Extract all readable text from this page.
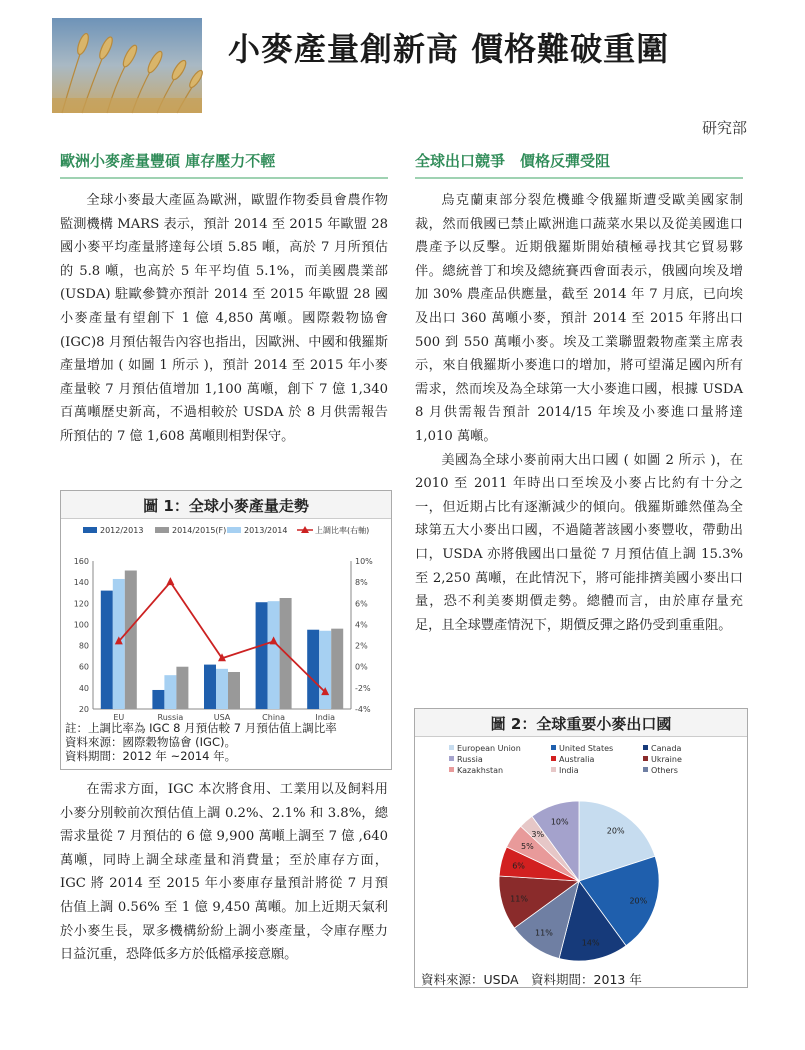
小麥產量創新高 價格難破重圍
研究部
歐洲小麥產量豐碩 庫存壓力不輕

全球小麥最大產區為歐洲，歐盟作物委員會農作物監測機構 MARS 表示，預計 2014 至 2015 年歐盟 28 國小麥平均產量將達每公頃 5.85 噸，高於 7 月所預估的 5.8 噸，也高於 5 年平均值 5.1%，而美國農業部 (USDA) 駐歐參贊亦預計 2014 至 2015 年歐盟 28 國小麥產量有望創下 1 億 4,850 萬噸。國際穀物協會 (IGC)8 月預估報告內容也指出，因歐洲、中國和俄羅斯產量增加 ( 如圖 1 所示 )，預計 2014 至 2015 年小麥產量較 7 月預估值增加 1,100 萬噸，創下 7 億 1,340 百萬噸歷史新高，不過相較於 USDA 於 8 月供需報告所預估的 7 億 1,608 萬噸則相對保守。

在需求方面，IGC 本次將食用、工業用以及飼料用小麥分別較前次預估值上調 0.2%、2.1% 和 3.8%，總需求量從 7 月預估的 6 億 9,900 萬噸上調至 7 億 ,640 萬噸，同時上調全球產量和消費量；至於庫存方面，IGC 將 2014 至 2015 年小麥庫存量預計將從 7 月預估值上調 0.56% 至 1 億 9,450 萬噸。加上近期天氣利於小麥生長，眾多機構紛紛上調小麥產量，令庫存壓力日益沉重，恐降低多方於低檔承接意願。

全球出口競爭　價格反彈受阻

烏克蘭東部分裂危機雖令俄羅斯遭受歐美國家制裁，然而俄國已禁止歐洲進口蔬菜水果以及從美國進口農產予以反擊。近期俄羅斯開始積極尋找其它貿易夥伴。總統普丁和埃及總統賽西會面表示，俄國向埃及增加 30% 農產品供應量，截至 2014 年 7 月底，已向埃及出口 360 萬噸小麥，預計 2014 至 2015 年將出口 500 到 550 萬噸小麥。埃及工業聯盟穀物產業主席表示，來自俄羅斯小麥進口的增加，將可望滿足國內所有需求，然而埃及為全球第一大小麥進口國，根據 USDA 8 月供需報告預計 2014/15 年埃及小麥進口量將達 1,010 萬噸。

美國為全球小麥前兩大出口國 ( 如圖 2 所示 )，在 2010 至 2011 年時出口至埃及小麥占比約有十分之一，但近期占比有逐漸減少的傾向。俄羅斯雖然僅為全球第五大小麥出口國，不過隨著該國小麥豐收，帶動出口，USDA 亦將俄國出口量從 7 月預估值上調 15.3% 至 2,250 萬噸，在此情況下，將可能排擠美國小麥出口量，恐不利美麥期價走勢。總體而言，由於庫存量充足，且全球豐產情況下，期價反彈之路仍受到重重阻。

圖 1：全球小麥產量走勢
2012/2013	2014/2015(F) 2013/2014	上調比率(右軸)
20
40
60
80
100
120
140
160
-4%
-2%
0%
2%
4%
6%
8%
10%
EU	Russia	USA	China	India
註：上調比率為 IGC 8 月預估較 7 月預估值上調比率
資料來源：國際穀物協會 (IGC)。
資料期間：2012 年 ~2014 年。
圖 2：全球重要小麥出口國
European Union	United States	Canada
Russia	Australia	Ukraine
Kazakhstan	India	Others
20%
20%
14%
11%
11%
6%
5%
3%
10%
資料來源：USDA　資料期間：2013 年
